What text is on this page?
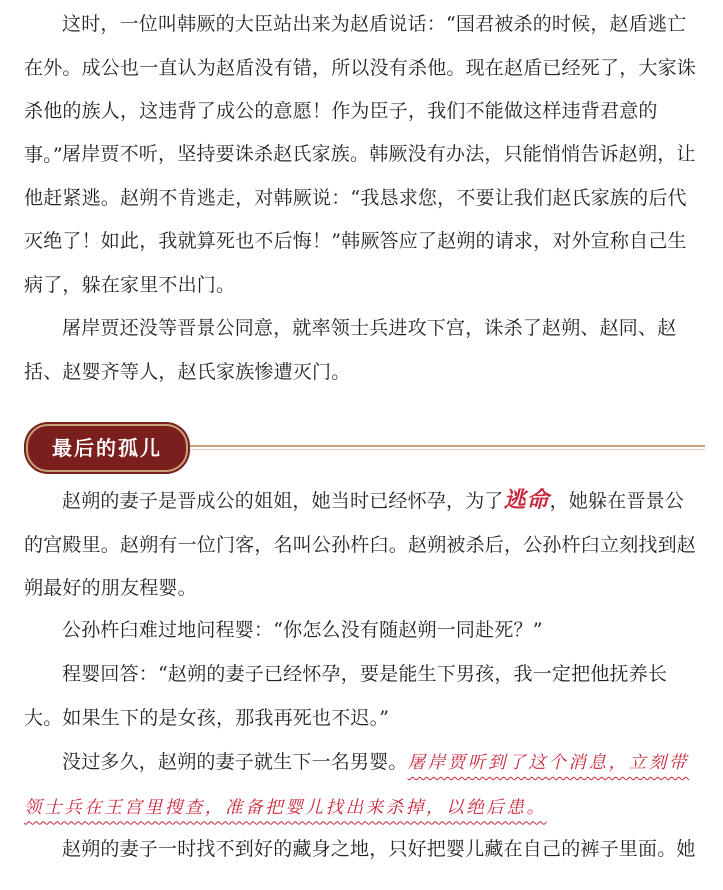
这时，一位叫韩厥的大臣站出来为赵盾说话：“国君被杀的时候，赵盾逃亡在外。成公也一直认为赵盾没有错，所以没有杀他。现在赵盾已经死了，大家诛杀他的族人，这违背了成公的意愿！作为臣子，我们不能做这样违背君意的事。” 屠岸贾不听，坚持要诛杀赵氏家族。韩厥没有办法，只能悄悄告诉赵朔，让他赶紧逃。赵朔不肯逃走，对韩厥说：“我恳求您，不要让我们赵氏家族的后代灭绝了！如此，我就算死也不后悔！”韩厥答应了赵朔的请求，对外宣称自己生病了，躲在家里不出门。

屠岸贾还没等晋景公同意，就率领士兵进攻下宫，诛杀了赵朔、赵同、赵括、赵婴齐等人，赵氏家族惨遭灭门。

最后的孤儿

赵朔的妻子是晋成公的姐姐，她当时已经怀孕，为了逃命，她躲在晋景公的宫殿里。赵朔有一位门客，名叫公孙杵臼。赵朔被杀后，公孙杵臼立刻找到赵朔最好的朋友程婴。

公孙杵臼难过地问程婴：“你怎么没有随赵朔一同赴死？”

程婴回答：“赵朔的妻子已经怀孕，要是能生下男孩，我一定把他抚养长大。如果生下的是女孩，那我再死也不迟。”

没过多久，赵朔的妻子就生下一名男婴。屠岸贾听到了这个消息，立刻带领士兵在王宫里搜查，准备把婴儿找出来杀掉，以绝后患。

赵朔的妻子一时找不到好的藏身之地，只好把婴儿藏在自己的裤子里面。她
